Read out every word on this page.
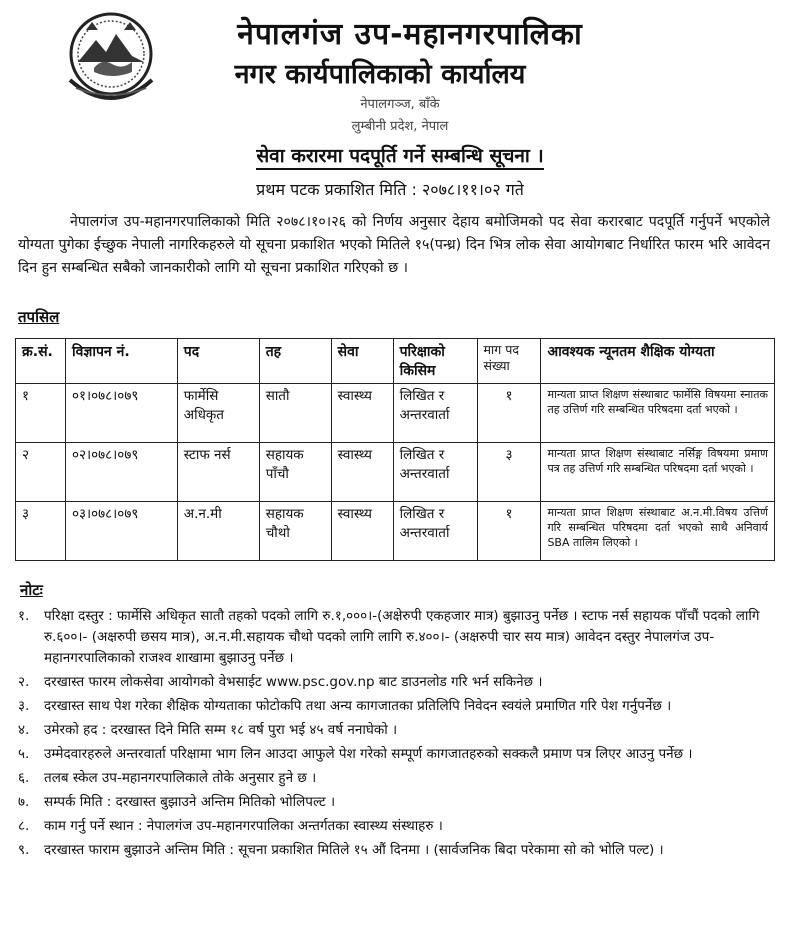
नेपालगंज उप-महानगरपालिका
नगर कार्यपालिकाको कार्यालय
नेपालगञ्ज, बाँके
लुम्बीनी प्रदेश, नेपाल
सेवा करारमा पदपूर्ति गर्ने सम्बन्धि सूचना ।
प्रथम पटक प्रकाशित मिति : २०७८।११।०२ गते
नेपालगंज उप-महानगरपालिकाको मिति २०७८।१०।२६ को निर्णय अनुसार देहाय बमोजिमको पद सेवा करारबाट पदपूर्ति गर्नुपर्ने भएकोले योग्यता पुगेका ईच्छुक नेपाली नागरिकहरुले यो सूचना प्रकाशित भएको मितिले १५(पन्ध्र) दिन भित्र लोक सेवा आयोगबाट निर्धारित फारम भरि आवेदन दिन हुन सम्बन्धित सबैको जानकारीको लागि यो सूचना प्रकाशित गरिएको छ ।
तपसिल
क्र.सं.	विज्ञापन नं.	पद	तह	सेवा	परिक्षाको किसिम	माग पद संख्या	आवश्यक न्यूनतम शैक्षिक योग्यता
१	०१।०७८।०७९	फार्मेसि अधिकृत	सातौ	स्वास्थ्य	लिखित र अन्तरवार्ता	१	मान्यता प्राप्त शिक्षण संस्थाबाट फार्मेसि विषयमा स्नातक तह उत्तिर्ण गरि सम्बन्धित परिषदमा दर्ता भएको ।
२	०२।०७८।०७९	स्टाफ नर्स	सहायक पाँचौ	स्वास्थ्य	लिखित र अन्तरवार्ता	३	मान्यता प्राप्त शिक्षण संस्थाबाट नर्सिङ्ग विषयमा प्रमाण पत्र तह उत्तिर्ण गरि सम्बन्धित परिषदमा दर्ता भएको ।
३	०३।०७८।०७९	अ.न.मी	सहायक चौथो	स्वास्थ्य	लिखित र अन्तरवार्ता	१	मान्यता प्राप्त शिक्षण संस्थाबाट अ.न.मी.विषय उत्तिर्ण गरि सम्बन्धित परिषदमा दर्ता भएको साथै अनिवार्य SBA तालिम लिएको ।
नोटः
१. परिक्षा दस्तुर : फार्मेसि अधिकृत सातौ तहको पदको लागि रु.१,०००।-(अक्षेरुपी एकहजार मात्र) बुझाउनु पर्नेछ । स्टाफ नर्स सहायक पाँचौं पदको लागि रु.६००।- (अक्षरुपी छसय मात्र), अ.न.मी.सहायक चौथो पदको लागि लागि रु.४००।- (अक्षरुपी चार सय मात्र) आवेदन दस्तुर नेपालगंज उप-महानगरपालिकाको राजश्व शाखामा बुझाउनु पर्नेछ ।
२. दरखास्त फारम लोकसेवा आयोगको वेभसाईट www.psc.gov.np बाट डाउनलोड गरि भर्न सकिनेछ ।
३. दरखास्त साथ पेश गरेका शैक्षिक योग्यताका फोटोकपि तथा अन्य कागजातका प्रतिलिपि निवेदन स्वयंले प्रमाणित गरि पेश गर्नुपर्नेछ ।
४. उमेरको हद : दरखास्त दिने मिति सम्म १८ वर्ष पुरा भई ४५ वर्ष ननाघेको ।
५. उम्मेदवारहरुले अन्तरवार्ता परिक्षामा भाग लिन आउदा आफुले पेश गरेको सम्पूर्ण कागजातहरुको सक्कलै प्रमाण पत्र लिएर आउनु पर्नेछ ।
६. तलब स्केल उप-महानगरपालिकाले तोके अनुसार हुने छ ।
७. सम्पर्क मिति : दरखास्त बुझाउने अन्तिम मितिको भोलिपल्ट ।
८. काम गर्नु पर्ने स्थान : नेपालगंज उप-महानगरपालिका अन्तर्गतका स्वास्थ्य संस्थाहरु ।
९. दरखास्त फाराम बुझाउने अन्तिम मिति : सूचना प्रकाशित मितिले १५ औं दिनमा । (सार्वजनिक बिदा परेकामा सो को भोलि पल्ट) ।
